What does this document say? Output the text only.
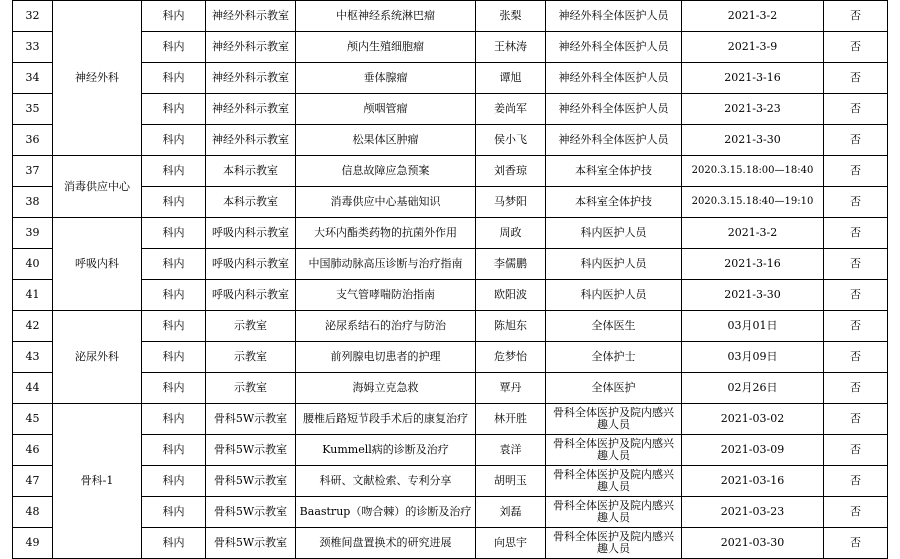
32	神经外科	科内	神经外科示教室	中枢神经系统淋巴瘤	张梨	神经外科全体医护人员	2021-3-2	否
33		科内	神经外科示教室	颅内生殖细胞瘤	王林涛	神经外科全体医护人员	2021-3-9	否
34		科内	神经外科示教室	垂体腺瘤	谭旭	神经外科全体医护人员	2021-3-16	否
35		科内	神经外科示教室	颅咽管瘤	姜尚军	神经外科全体医护人员	2021-3-23	否
36		科内	神经外科示教室	松果体区肿瘤	侯小飞	神经外科全体医护人员	2021-3-30	否
37	消毒供应中心	科内	本科示教室	信息故障应急预案	刘香琼	本科室全体护技	2020.3.15.18:00—18:40	否
38		科内	本科示教室	消毒供应中心基础知识	马梦阳	本科室全体护技	2020.3.15.18:40—19:10	否
39	呼吸内科	科内	呼吸内科示教室	大环内酯类药物的抗菌外作用	周政	科内医护人员	2021-3-2	否
40		科内	呼吸内科示教室	中国肺动脉高压诊断与治疗指南	李儒鹏	科内医护人员	2021-3-16	否
41		科内	呼吸内科示教室	支气管哮喘防治指南	欧阳波	科内医护人员	2021-3-30	否
42	泌尿外科	科内	示教室	泌尿系结石的治疗与防治	陈旭东	全体医生	03月01日	否
43		科内	示教室	前列腺电切患者的护理	危梦怡	全体护士	03月09日	否
44		科内	示教室	海姆立克急救	覃丹	全体医护	02月26日	否
45	骨科-1	科内	骨科5W示教室	腰椎后路短节段手术后的康复治疗	林开胜	骨科全体医护及院内感兴趣人员	2021-03-02	否
46		科内	骨科5W示教室	Kummell病的诊断及治疗	袁洋	骨科全体医护及院内感兴趣人员	2021-03-09	否
47		科内	骨科5W示教室	科研、文献检索、专利分享	胡明玉	骨科全体医护及院内感兴趣人员	2021-03-16	否
48		科内	骨科5W示教室	Baastrup（吻合棘）的诊断及治疗	刘磊	骨科全体医护及院内感兴趣人员	2021-03-23	否
49		科内	骨科5W示教室	颈椎间盘置换术的研究进展	向思宇	骨科全体医护及院内感兴趣人员	2021-03-30	否
